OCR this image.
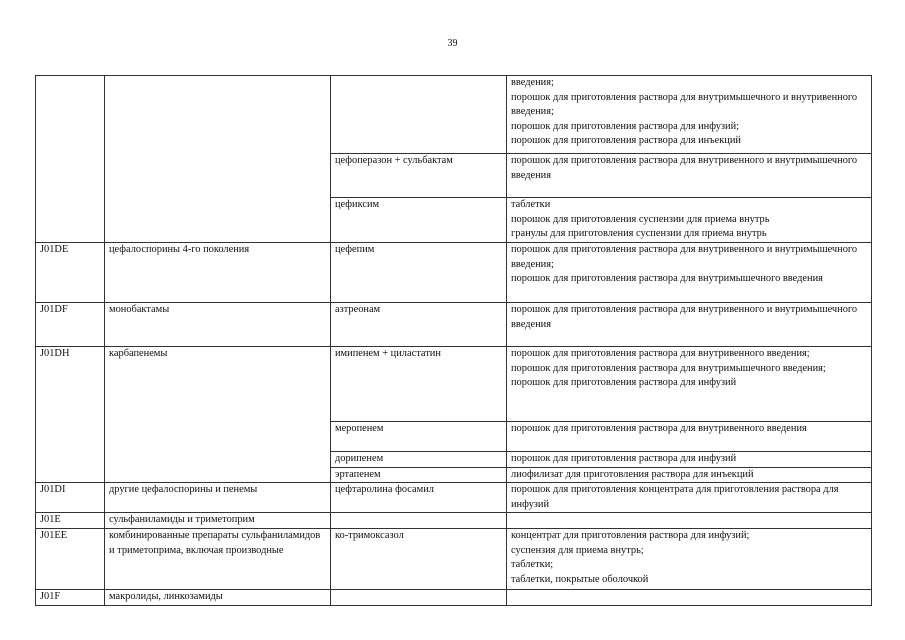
39
			введения;
порошок для приготовления раствора для внутримышечного и внутривенного введения;
порошок для приготовления раствора для инфузий;
порошок для приготовления раствора для инъекций
		цефоперазон + сульбактам	порошок для приготовления раствора для внутривенного и внутримышечного введения
		цефиксим	таблетки
порошок для приготовления суспензии для приема внутрь
гранулы для приготовления суспензии для приема внутрь
J01DE	цефалоспорины 4-го поколения	цефепим	порошок для приготовления раствора для внутривенного и внутримышечного введения;
порошок для приготовления раствора для внутримышечного введения
J01DF	монобактамы	азтреонам	порошок для приготовления раствора для внутривенного и внутримышечного введения
J01DH	карбапенемы	имипенем + циластатин	порошок для приготовления раствора для внутривенного введения;
порошок для приготовления раствора для внутримышечного введения;
порошок для приготовления раствора для инфузий
		меропенем	порошок для приготовления раствора для внутривенного введения
		дорипенем	порошок для приготовления раствора для инфузий
		эртапенем	лиофилизат для приготовления раствора для инъекций
J01DI	другие цефалоспорины и пенемы	цефтаролина фосамил	порошок для приготовления концентрата для приготовления раствора для инфузий
J01E	сульфаниламиды и триметоприм		
J01EE	комбинированные препараты сульфаниламидов и триметоприма, включая производные	ко-тримоксазол	концентрат для приготовления раствора для инфузий;
суспензия для приема внутрь;
таблетки;
таблетки, покрытые оболочкой
J01F	макролиды, линкозамиды		
